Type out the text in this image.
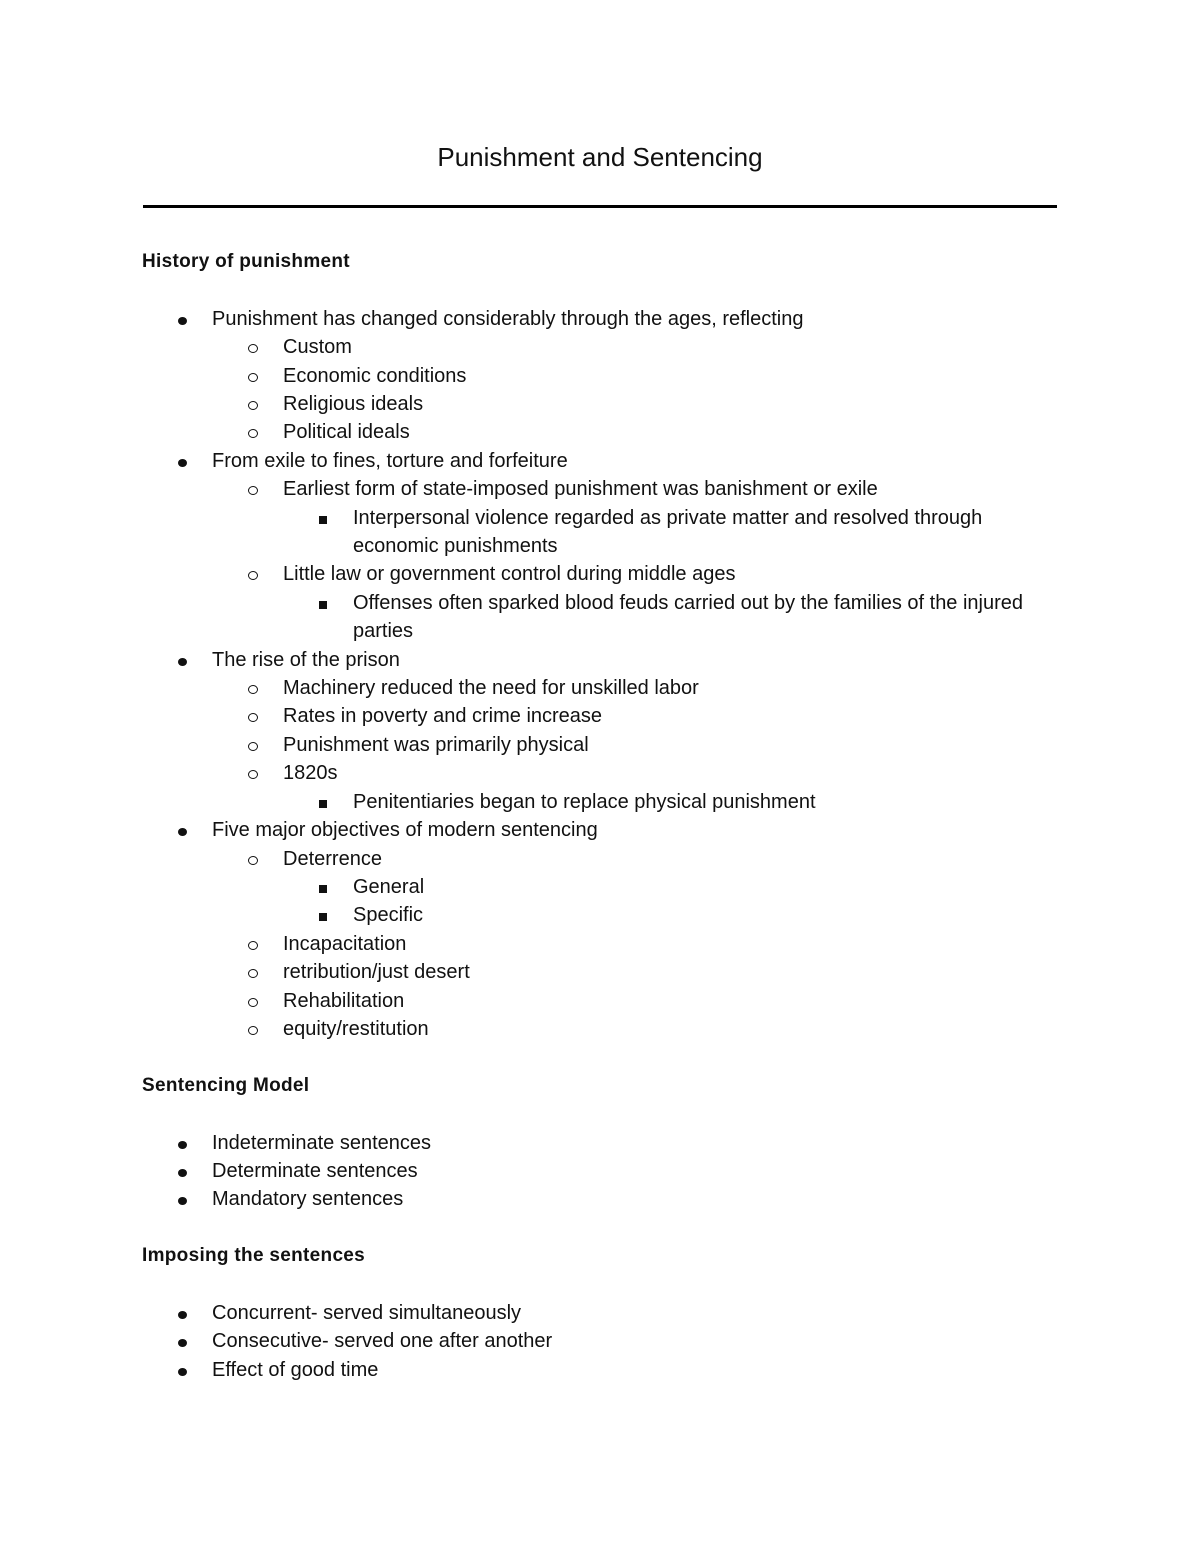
Punishment and Sentencing
History of punishment
Punishment has changed considerably through the ages, reflecting
Custom
Economic conditions
Religious ideals
Political ideals
From exile to fines, torture and forfeiture
Earliest form of state-imposed punishment was banishment or exile
Interpersonal violence regarded as private matter and resolved through economic punishments
Little law or government control during middle ages
Offenses often sparked blood feuds carried out by the families of the injured parties
The rise of the prison
Machinery reduced the need for unskilled labor
Rates in poverty and crime increase
Punishment was primarily physical
1820s
Penitentiaries began to replace physical punishment
Five major objectives of modern sentencing
Deterrence
General
Specific
Incapacitation
retribution/just desert
Rehabilitation
equity/restitution
Sentencing Model
Indeterminate sentences
Determinate sentences
Mandatory sentences
Imposing the sentences
Concurrent- served simultaneously
Consecutive- served one after another
Effect of good time
